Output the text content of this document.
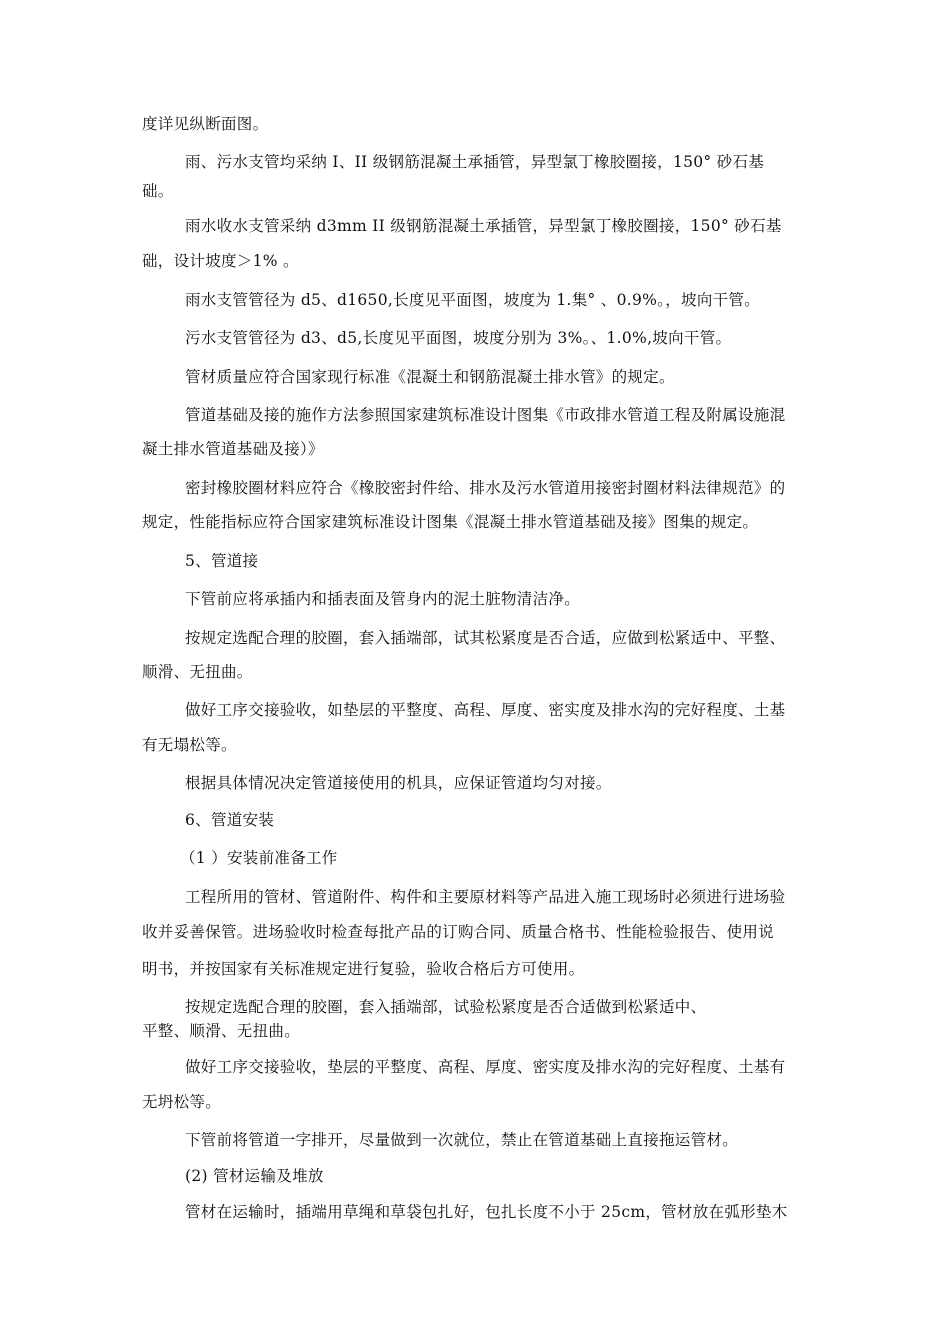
度详见纵断面图。
雨、污水支管均采纳 I、II 级钢筋混凝土承插管，异型氯丁橡胶圈接，150° 砂石基
础。
雨水收水支管采纳 d3mm II 级钢筋混凝土承插管，异型氯丁橡胶圈接，150° 砂石基
础，设计坡度＞1% 。
雨水支管管径为 d5、d1650,长度见平面图，坡度为 1.集° 、0.9%。，坡向干管。
污水支管管径为 d3、d5,长度见平面图，坡度分别为 3%。、1.0%,坡向干管。
管材质量应符合国家现行标准《混凝土和钢筋混凝土排水管》的规定。
管道基础及接的施作方法参照国家建筑标准设计图集《市政排水管道工程及附属设施混
凝土排水管道基础及接）》
密封橡胶圈材料应符合《橡胶密封件给、排水及污水管道用接密封圈材料法律规范》的
规定，性能指标应符合国家建筑标准设计图集《混凝土排水管道基础及接》图集的规定。
5、管道接
下管前应将承插内和插表面及管身内的泥土脏物清洁净。
按规定选配合理的胶圈，套入插端部，试其松紧度是否合适，应做到松紧适中、平整、
顺滑、无扭曲。
做好工序交接验收，如垫层的平整度、高程、厚度、密实度及排水沟的完好程度、土基
有无塌松等。
根据具体情况决定管道接使用的机具，应保证管道均匀对接。
6、管道安装
（1 ）安装前准备工作
工程所用的管材、管道附件、构件和主要原材料等产品进入施工现场时必须进行进场验
收并妥善保管。进场验收时检查每批产品的订购合同、质量合格书、性能检验报告、使用说
明书，并按国家有关标准规定进行复验，验收合格后方可使用。
按规定选配合理的胶圈，套入插端部，试验松紧度是否合适做到松紧适中、
平整、顺滑、无扭曲。
做好工序交接验收，垫层的平整度、高程、厚度、密实度及排水沟的完好程度、土基有
无坍松等。
下管前将管道一字排开，尽量做到一次就位，禁止在管道基础上直接拖运管材。
(2) 管材运输及堆放
管材在运输时，插端用草绳和草袋包扎好，包扎长度不小于 25cm，管材放在弧形垫木
